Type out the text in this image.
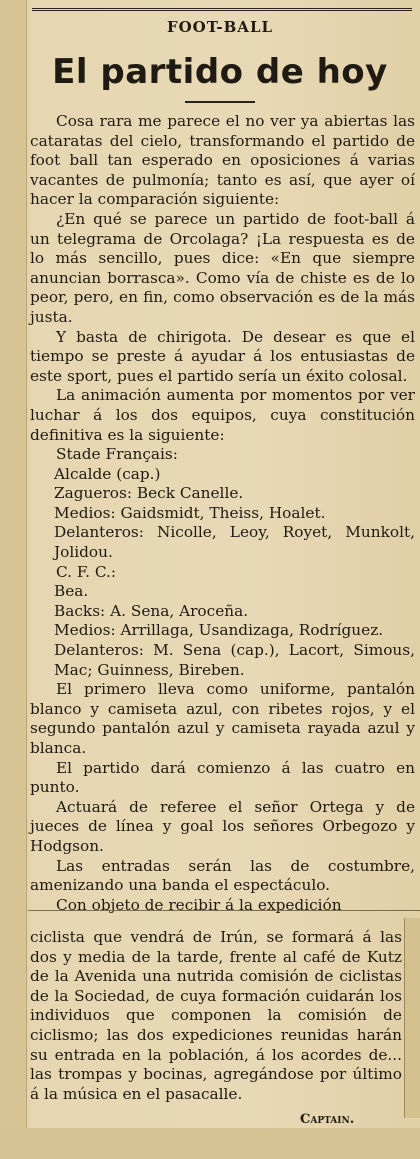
FOOT-BALL
El partido de hoy

Cosa rara me parece el no ver ya abiertas las cataratas del cielo, transformando el partido de foot ball tan esperado en oposiciones á varias vacantes de pulmonía; tanto es así, que ayer oí hacer la comparación siguiente:

¿En qué se parece un partido de foot-ball á un telegrama de Orcolaga? ¡La respuesta es de lo más sencillo, pues dice: «En que siempre anuncian borrasca». Como vía de chiste es de lo peor, pero, en fin, como observación es de la más justa.

Y basta de chirigota. De desear es que el tiempo se preste á ayudar á los entusiastas de este sport, pues el partido sería un éxito colosal.

La animación aumenta por momentos por ver luchar á los dos equipos, cuya constitución definitiva es la siguiente:

Stade Français:

Alcalde (cap.)
Zagueros: Beck Canelle.
Medios: Gaidsmidt, Theiss, Hoalet.
Delanteros: Nicolle, Leoy, Royet, Munkolt, Jolidou.

C. F. C.:

Bea.
Backs: A. Sena, Aroceña.
Medios: Arrillaga, Usandizaga, Rodríguez.
Delanteros: M. Sena (cap.), Lacort, Simous, Mac; Guinness, Bireben.

El primero lleva como uniforme, pantalón blanco y camiseta azul, con ribetes rojos, y el segundo pantalón azul y camiseta rayada azul y blanca.

El partido dará comienzo á las cuatro en punto.

Actuará de referee el señor Ortega y de jueces de línea y goal los señores Orbegozo y Hodgson.

Las entradas serán las de costumbre, amenizando una banda el espectáculo.

Con objeto de recibir á la expedición

ciclista que vendrá de Irún, se formará á las dos y media de la tarde, frente al café de Kutz de la Avenida una nutrida comisión de ciclistas de la Sociedad, de cuya formación cuidarán los individuos que componen la comisión de ciclismo; las dos expediciones reunidas harán su entrada en la población, á los acordes de... las trompas y bocinas, agregándose por último á la música en el pasacalle.

Captain.
